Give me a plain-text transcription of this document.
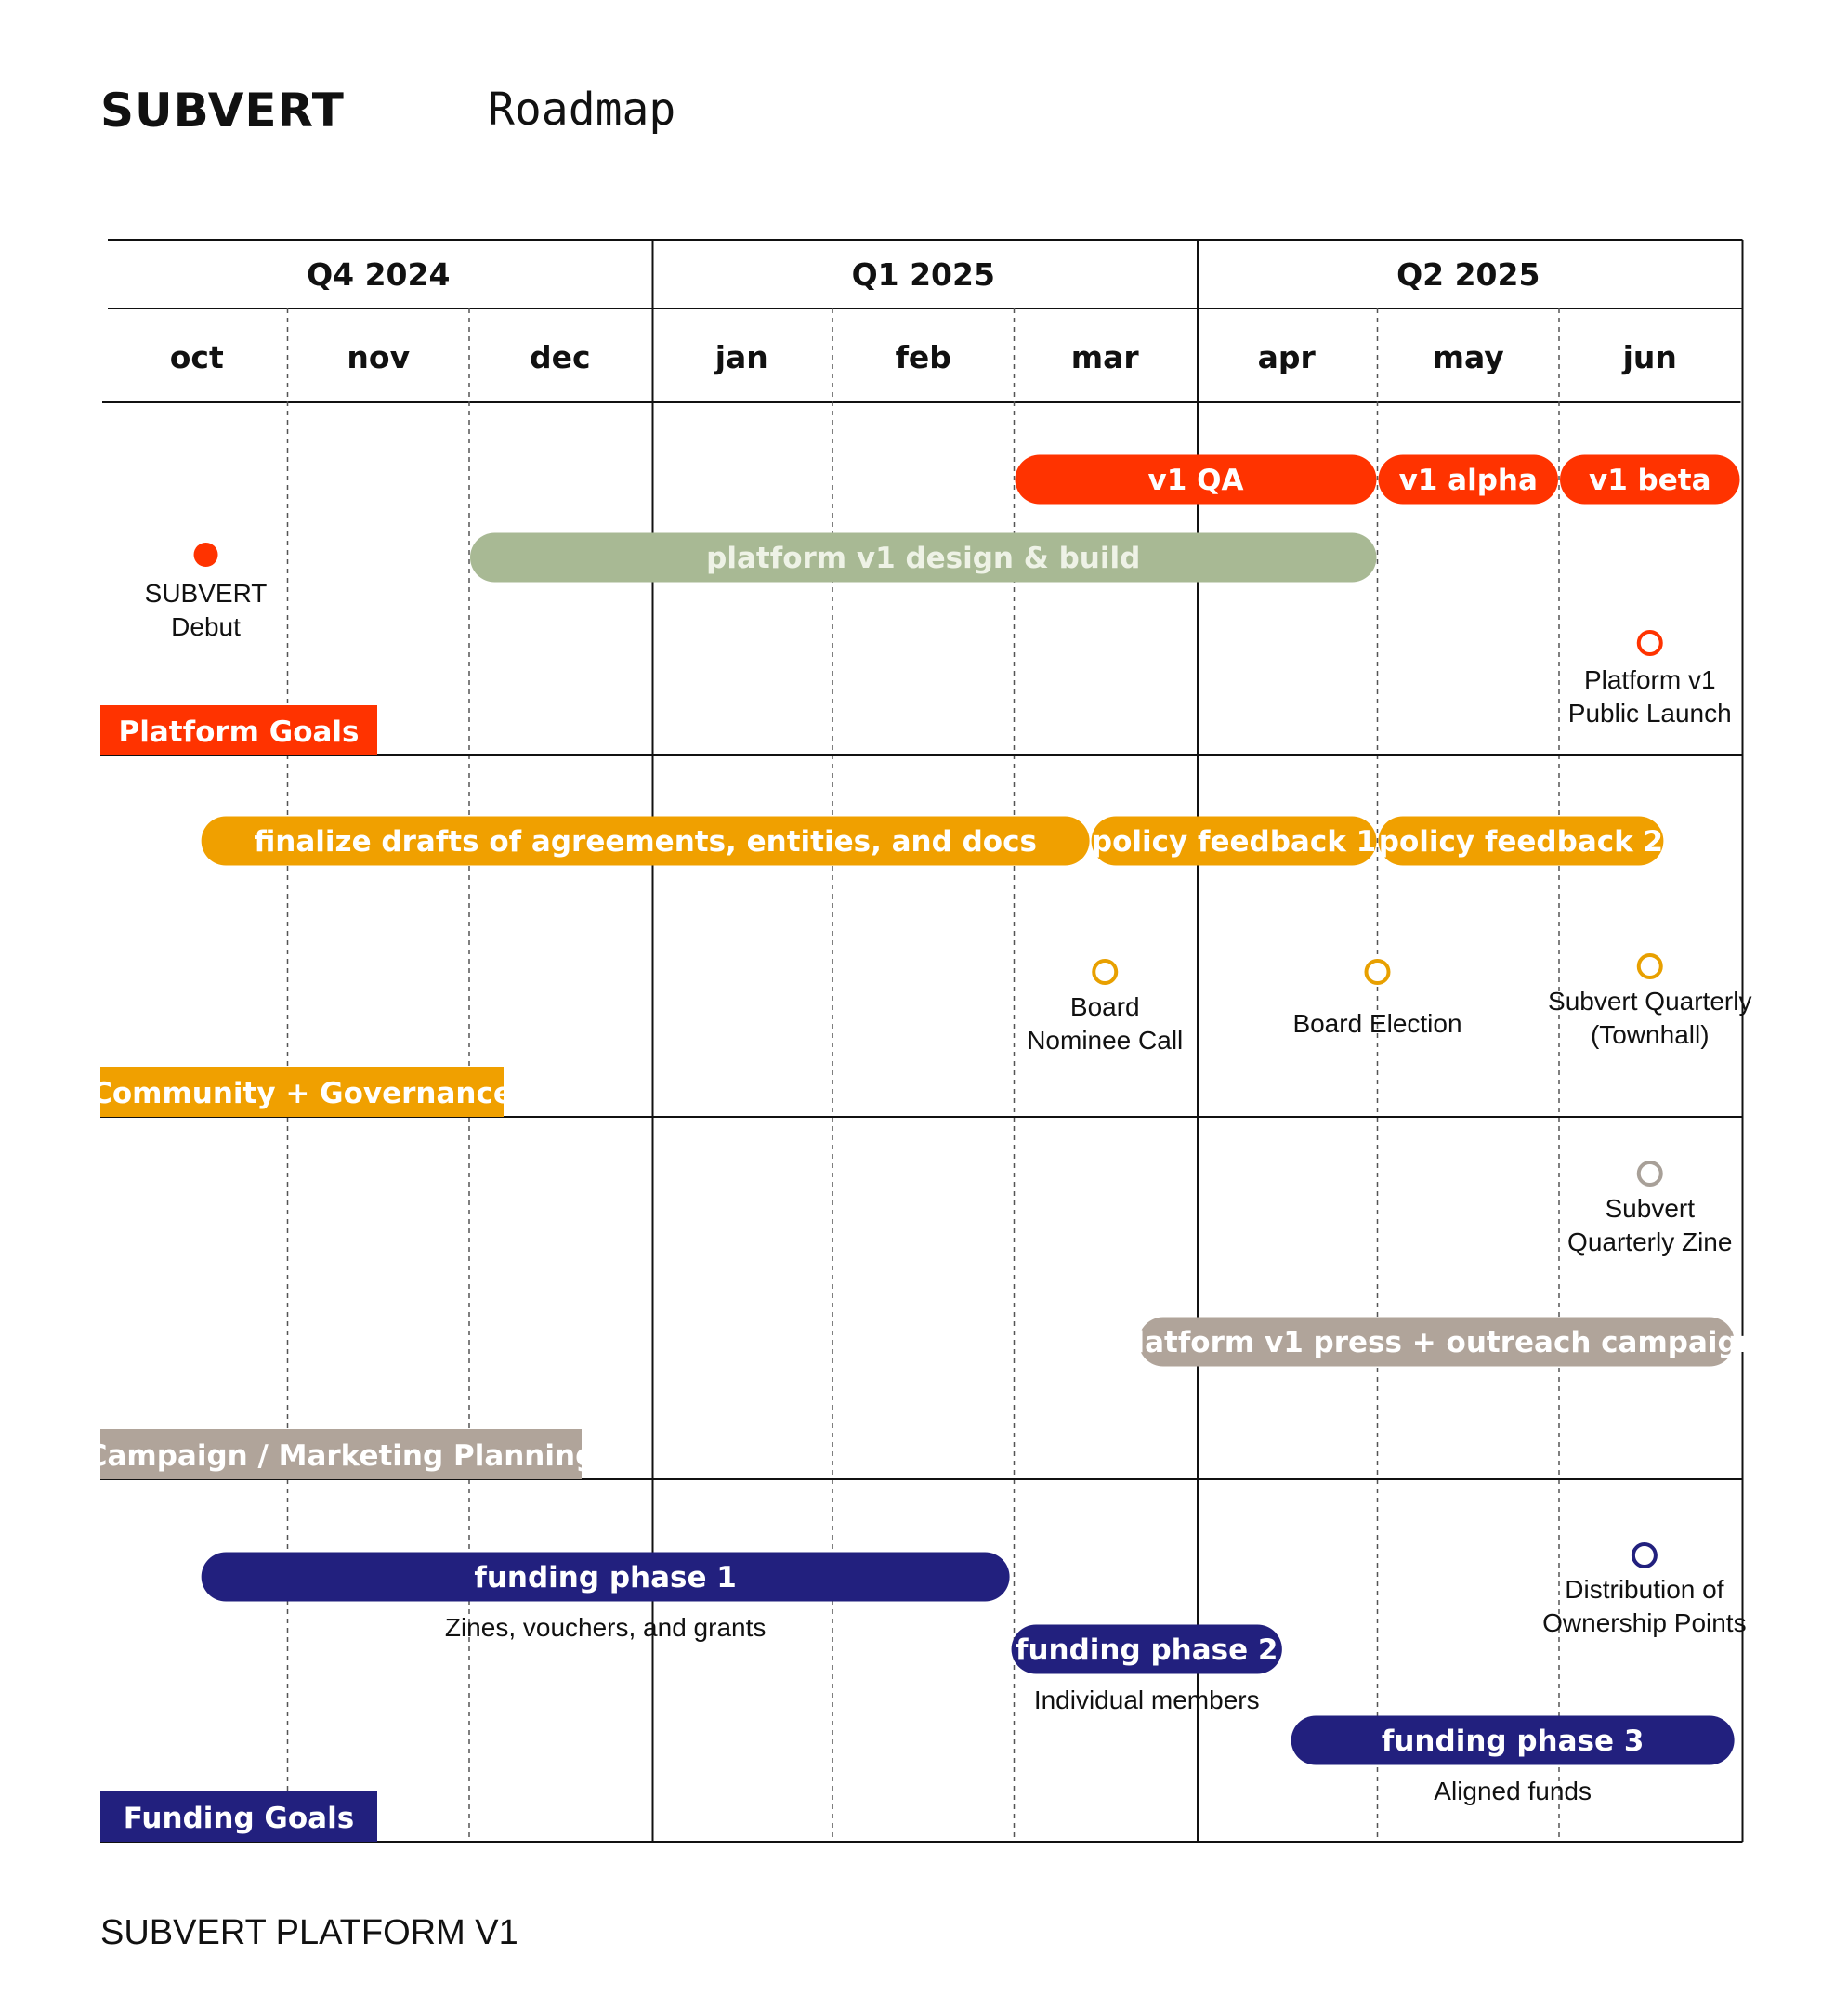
SUBVERT	Roadmap
Q4 2024	Q1 2025	Q2 2025
oct	nov	dec	jan	feb	mar	apr	may	jun
v1 QA	v1 alpha v1 beta
platform v1 design & build
SUBVERT
Debut
Platform v1
Public Launch
Platform Goals
finalize drafts of agreements, entities, and docs policy feedback 1 policy feedback 2
Board
Nominee Call
Board Election
Subvert Quarterly
(Townhall)
Community + Governance
platform v1 press + outreach campaign
Subvert
Quarterly Zine
Campaign / Marketing Planning
funding phase 1
Zines, vouchers, and grants
funding phase 2
Individual members
funding phase 3
Aligned funds
Distribution of
Ownership Points
Funding Goals
SUBVERT PLATFORM V1
